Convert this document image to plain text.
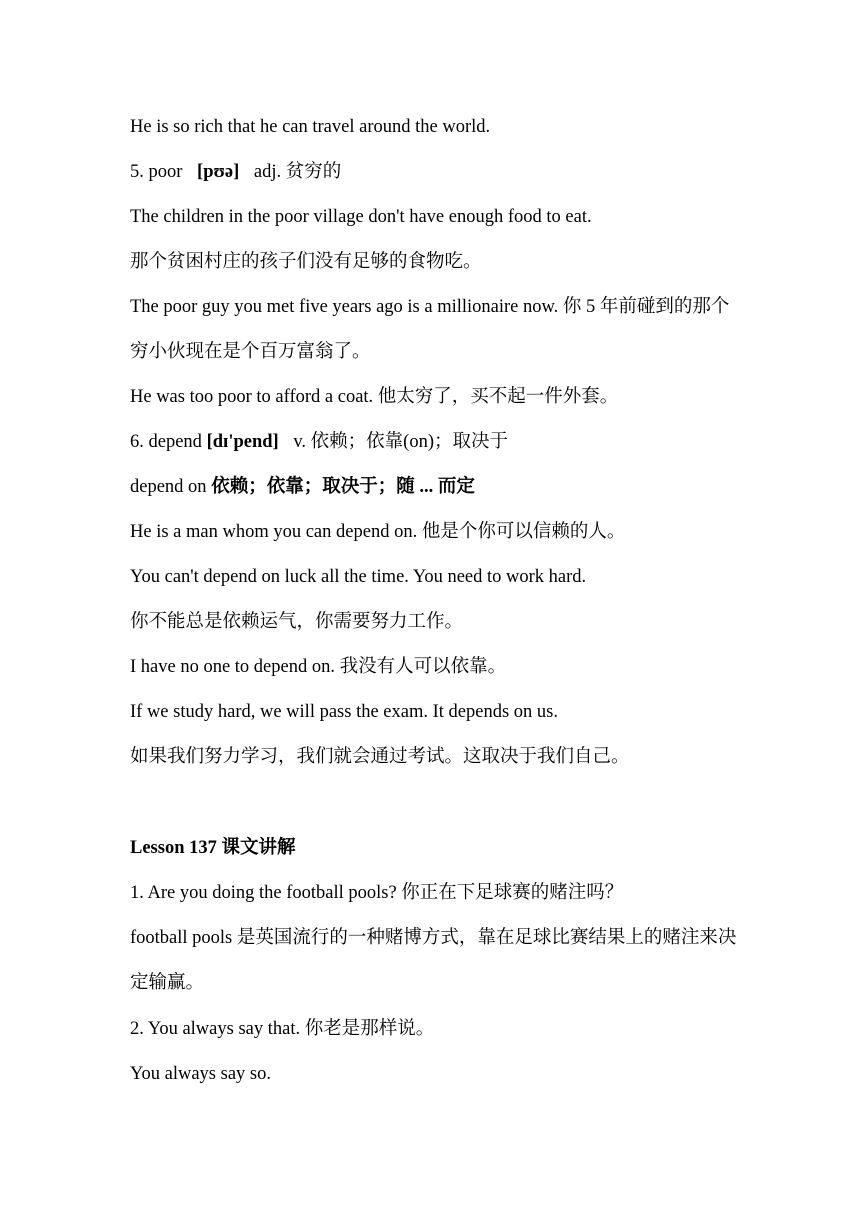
He is so rich that he can travel around the world.
5. poor [pʊə] adj. 贫穷的
The children in the poor village don't have enough food to eat.
那个贫困村庄的孩子们没有足够的食物吃。
The poor guy you met five years ago is a millionaire now. 你 5 年前碰到的那个穷小伙现在是个百万富翁了。
He was too poor to afford a coat. 他太穷了，买不起一件外套。
6. depend [dɪ'pend] v. 依赖；依靠(on)；取决于
depend on 依赖；依靠；取决于；随 ... 而定
He is a man whom you can depend on. 他是个你可以信赖的人。
You can't depend on luck all the time. You need to work hard.
你不能总是依赖运气，你需要努力工作。
I have no one to depend on. 我没有人可以依靠。
If we study hard, we will pass the exam. It depends on us.
如果我们努力学习，我们就会通过考试。这取决于我们自己。
Lesson 137 课文讲解
1. Are you doing the football pools? 你正在下足球赛的赌注吗？
football pools 是英国流行的一种赌博方式，靠在足球比赛结果上的赌注来决定输赢。
2. You always say that. 你老是那样说。
You always say so.
